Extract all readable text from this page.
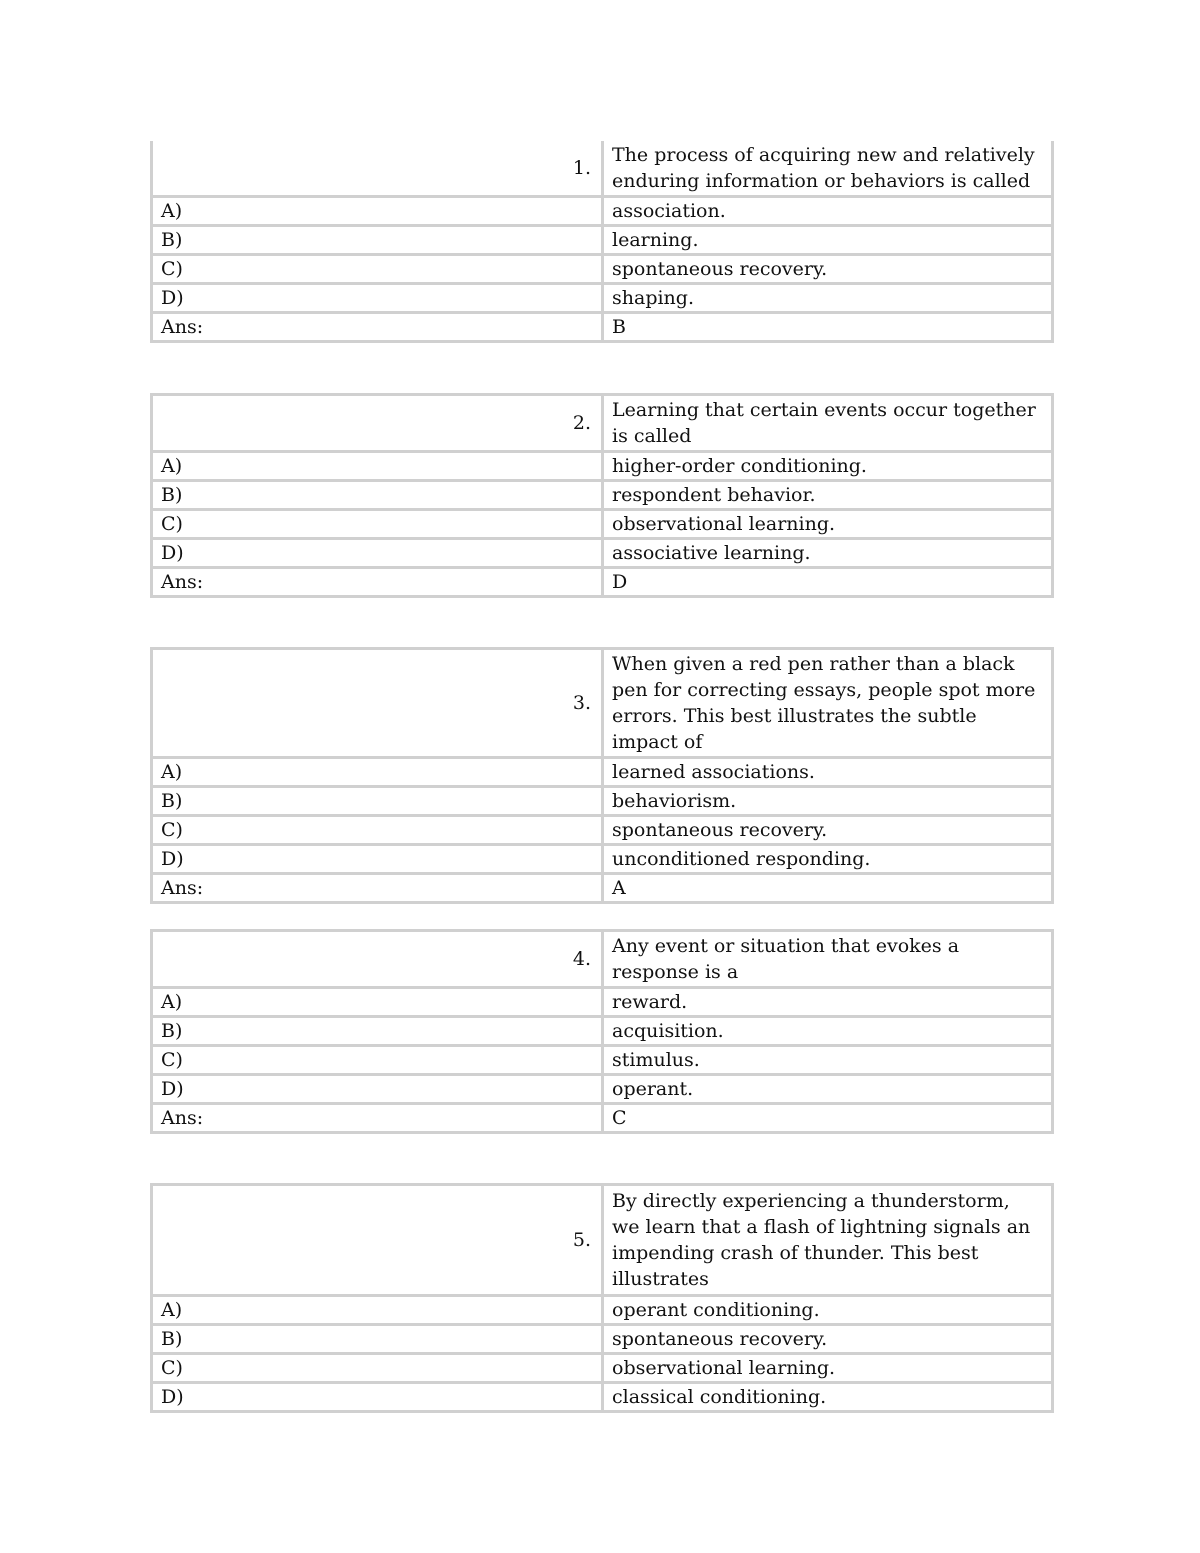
1.	The process of acquiring new and relatively enduring information or behaviors is called
A)	association.
B)	learning.
C)	spontaneous recovery.
D)	shaping.
Ans:	B
2.	Learning that certain events occur together is called
A)	higher-order conditioning.
B)	respondent behavior.
C)	observational learning.
D)	associative learning.
Ans:	D
3.	When given a red pen rather than a black pen for correcting essays, people spot more errors. This best illustrates the subtle impact of
A)	learned associations.
B)	behaviorism.
C)	spontaneous recovery.
D)	unconditioned responding.
Ans:	A
4.	Any event or situation that evokes a response is a
A)	reward.
B)	acquisition.
C)	stimulus.
D)	operant.
Ans:	C
5.	By directly experiencing a thunderstorm, we learn that a flash of lightning signals an impending crash of thunder. This best illustrates
A)	operant conditioning.
B)	spontaneous recovery.
C)	observational learning.
D)	classical conditioning.
